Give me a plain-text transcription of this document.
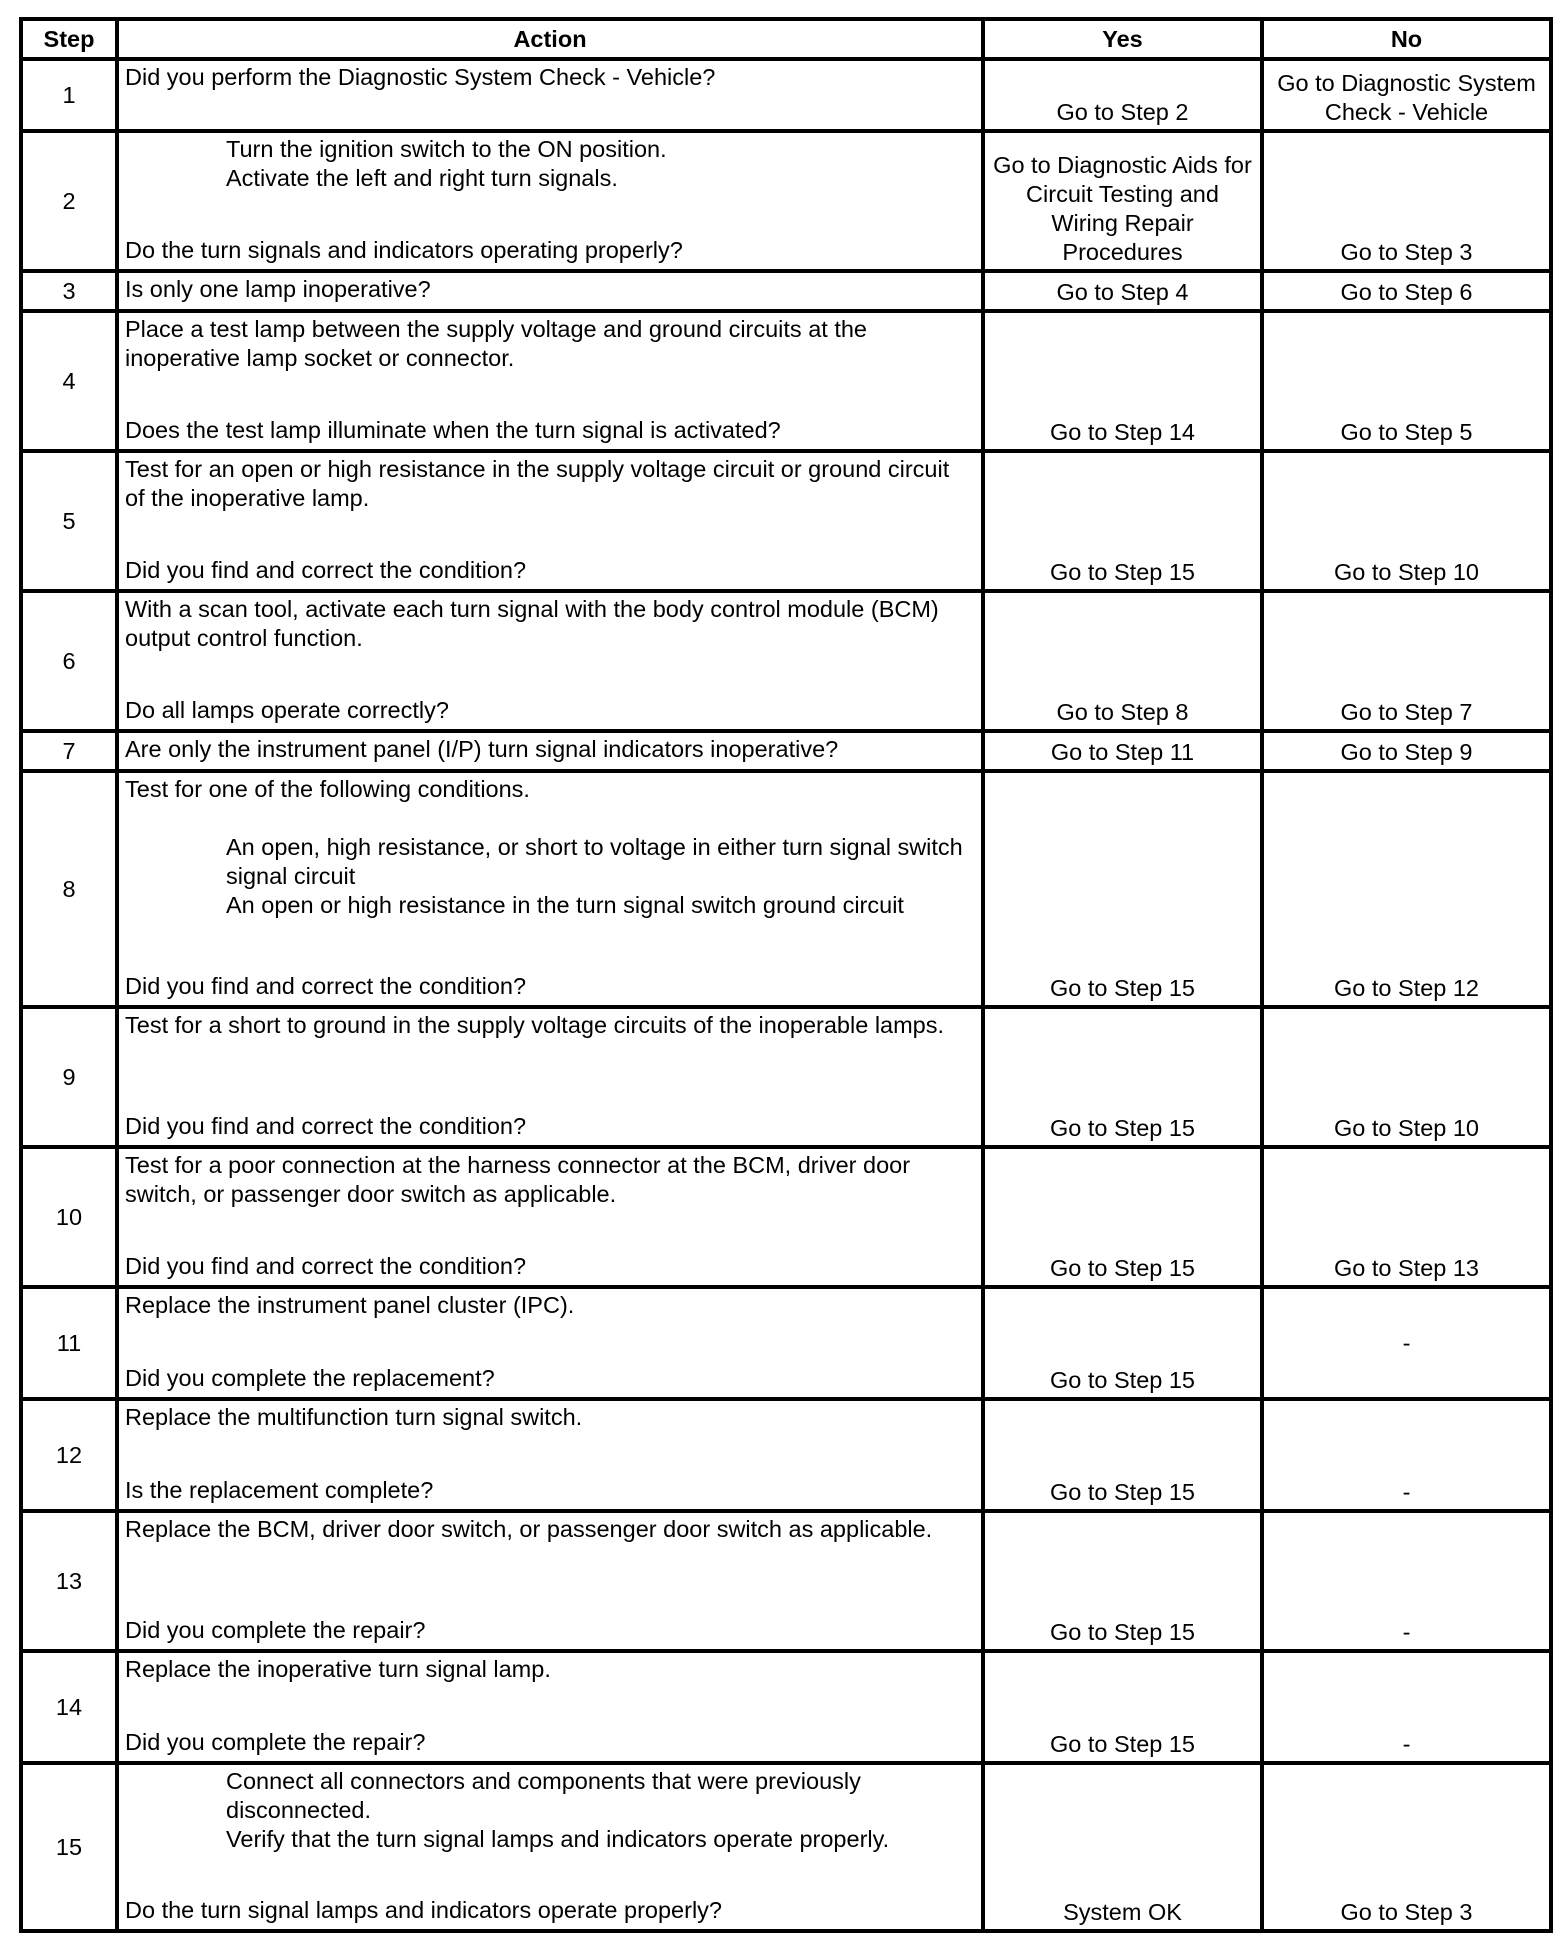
Step	Action	Yes	No
1	Did you perform the Diagnostic System Check - Vehicle?	Go to Step 2	Go to Diagnostic System Check - Vehicle
2	Turn the ignition switch to the ON position.
Activate the left and right turn signals.
Do the turn signals and indicators operating properly?	Go to Diagnostic Aids for Circuit Testing and Wiring Repair Procedures	Go to Step 3
3	Is only one lamp inoperative?	Go to Step 4	Go to Step 6
4	Place a test lamp between the supply voltage and ground circuits at the inoperative lamp socket or connector.
Does the test lamp illuminate when the turn signal is activated?	Go to Step 14	Go to Step 5
5	Test for an open or high resistance in the supply voltage circuit or ground circuit of the inoperative lamp.
Did you find and correct the condition?	Go to Step 15	Go to Step 10
6	With a scan tool, activate each turn signal with the body control module (BCM) output control function.
Do all lamps operate correctly?	Go to Step 8	Go to Step 7
7	Are only the instrument panel (I/P) turn signal indicators inoperative?	Go to Step 11	Go to Step 9
8	Test for one of the following conditions.
An open, high resistance, or short to voltage in either turn signal switch signal circuit
An open or high resistance in the turn signal switch ground circuit
Did you find and correct the condition?	Go to Step 15	Go to Step 12
9	Test for a short to ground in the supply voltage circuits of the inoperable lamps.
Did you find and correct the condition?	Go to Step 15	Go to Step 10
10	Test for a poor connection at the harness connector at the BCM, driver door switch, or passenger door switch as applicable.
Did you find and correct the condition?	Go to Step 15	Go to Step 13
11	Replace the instrument panel cluster (IPC).
Did you complete the replacement?	Go to Step 15	-
12	Replace the multifunction turn signal switch.
Is the replacement complete?	Go to Step 15	-
13	Replace the BCM, driver door switch, or passenger door switch as applicable.
Did you complete the repair?	Go to Step 15	-
14	Replace the inoperative turn signal lamp.
Did you complete the repair?	Go to Step 15	-
15	Connect all connectors and components that were previously disconnected.
Verify that the turn signal lamps and indicators operate properly.
Do the turn signal lamps and indicators operate properly?	System OK	Go to Step 3
